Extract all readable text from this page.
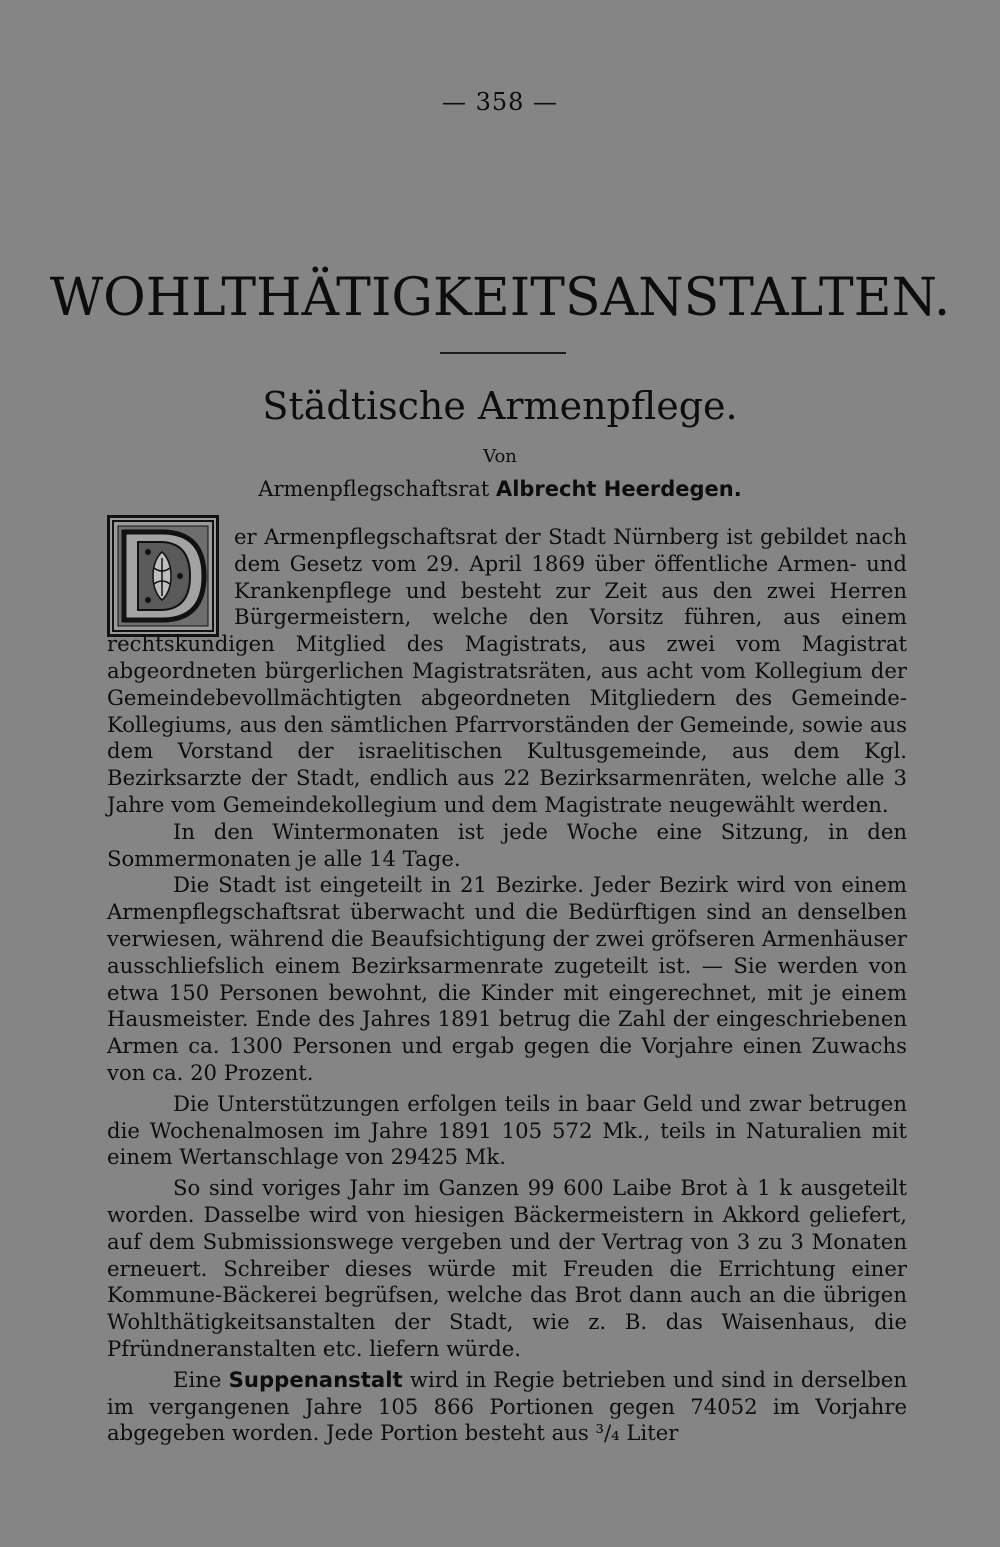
— 358 —
WOHLTHÄTIGKEITSANSTALTEN.
Städtische Armenpflege.
Von
Armenpflegschaftsrat Albrecht Heerdegen.

er Armenpflegschaftsrat der Stadt Nürnberg ist gebildet nach dem Gesetz vom 29. April 1869 über öffentliche Armen- und Krankenpflege und besteht zur Zeit aus den zwei Herren Bürgermeistern, welche den Vorsitz führen, aus einem rechtskundigen Mitglied des Magistrats, aus zwei vom Magistrat abgeordneten bürgerlichen Magistratsräten, aus acht vom Kollegium der Gemeindebevollmächtigten abgeordneten Mitgliedern des Gemeinde-Kollegiums, aus den sämtlichen Pfarrvorständen der Gemeinde, sowie aus dem Vorstand der israelitischen Kultusgemeinde, aus dem Kgl. Bezirksarzte der Stadt, endlich aus 22 Bezirksarmenräten, welche alle 3 Jahre vom Gemeindekollegium und dem Magistrate neugewählt werden.

In den Wintermonaten ist jede Woche eine Sitzung, in den Sommermonaten je alle 14 Tage.

Die Stadt ist eingeteilt in 21 Bezirke. Jeder Bezirk wird von einem Armenpflegschaftsrat überwacht und die Bedürftigen sind an denselben verwiesen, während die Beaufsichtigung der zwei gröfseren Armenhäuser ausschliefslich einem Bezirksarmenrate zugeteilt ist. — Sie werden von etwa 150 Personen bewohnt, die Kinder mit eingerechnet, mit je einem Hausmeister. Ende des Jahres 1891 betrug die Zahl der eingeschriebenen Armen ca. 1300 Personen und ergab gegen die Vorjahre einen Zuwachs von ca. 20 Prozent.

Die Unterstützungen erfolgen teils in baar Geld und zwar betrugen die Wochenalmosen im Jahre 1891 105 572 Mk., teils in Naturalien mit einem Wertanschlage von 29425 Mk.

So sind voriges Jahr im Ganzen 99 600 Laibe Brot à 1 k ausgeteilt worden. Dasselbe wird von hiesigen Bäckermeistern in Akkord geliefert, auf dem Submissionswege vergeben und der Vertrag von 3 zu 3 Monaten erneuert. Schreiber dieses würde mit Freuden die Errichtung einer Kommune-Bäckerei begrüfsen, welche das Brot dann auch an die übrigen Wohlthätigkeitsanstalten der Stadt, wie z. B. das Waisenhaus, die Pfründneranstalten etc. liefern würde.

Eine Suppenanstalt wird in Regie betrieben und sind in derselben im vergangenen Jahre 105 866 Portionen gegen 74052 im Vorjahre abgegeben worden. Jede Portion besteht aus ³/₄ Liter
